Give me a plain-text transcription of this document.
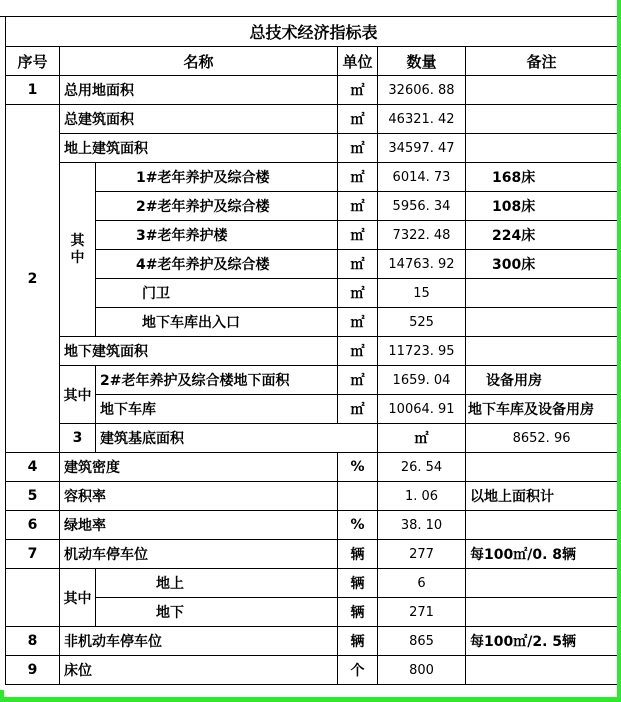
总技术经济指标表						
序号	名称		单位	数量	备注	
1	总用地面积		㎡	32606. 88		
2	总建筑面积		㎡	46321. 42		
	地上建筑面积		㎡	34597. 47		
	其中	1#老年养护及综合楼	㎡	6014. 73	168床	
		2#老年养护及综合楼	㎡	5956. 34	108床	
		3#老年养护楼	㎡	7322. 48	224床	
		4#老年养护及综合楼	㎡	14763. 92	300床	
		门卫	㎡	15		
		地下车库出入口	㎡	525		
	地下建筑面积		㎡	11723. 95		
	其中	2#老年养护及综合楼地下面积	㎡	1659. 04	设备用房	
		地下车库	㎡	10064. 91	地下车库及设备用房	
	3	建筑基底面积		㎡	8652. 96	
4	建筑密度		%	26. 54		
5	容积率			1. 06	以地上面积计	
6	绿地率		%	38. 10		
7	机动车停车位		辆	277	每100㎡/0. 8辆	
	其中	地上	辆	6		
		地下	辆	271		
8	非机动车停车位		辆	865	每100㎡/2. 5辆	
9	床位		个	800		
